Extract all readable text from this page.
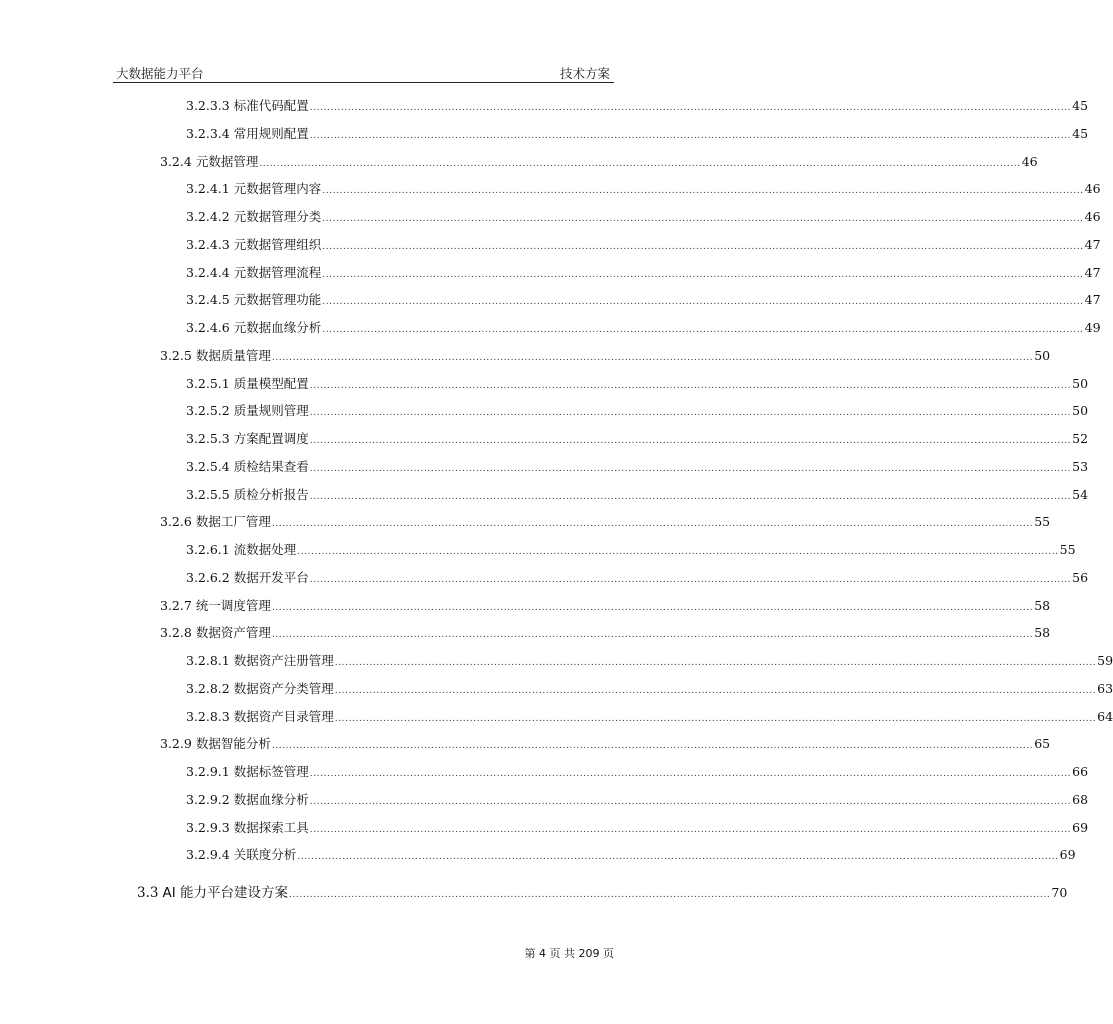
大数据能力平台	技术方案
3.2.3.3 标准代码配置 ............................................................................................................................................................................................................................ 45
3.2.3.4 常用规则配置 ............................................................................................................................................................................................................................ 45
3.2.4 元数据管理 ............................................................................................................................................................................................................................ 46
3.2.4.1 元数据管理内容 ............................................................................................................................................................................................................................ 46
3.2.4.2 元数据管理分类 ............................................................................................................................................................................................................................ 46
3.2.4.3 元数据管理组织 ............................................................................................................................................................................................................................ 47
3.2.4.4 元数据管理流程 ............................................................................................................................................................................................................................ 47
3.2.4.5 元数据管理功能 ............................................................................................................................................................................................................................ 47
3.2.4.6 元数据血缘分析 ............................................................................................................................................................................................................................ 49
3.2.5 数据质量管理 ............................................................................................................................................................................................................................ 50
3.2.5.1 质量模型配置 ............................................................................................................................................................................................................................ 50
3.2.5.2 质量规则管理 ............................................................................................................................................................................................................................ 50
3.2.5.3 方案配置调度 ............................................................................................................................................................................................................................ 52
3.2.5.4 质检结果查看 ............................................................................................................................................................................................................................ 53
3.2.5.5 质检分析报告 ............................................................................................................................................................................................................................ 54
3.2.6 数据工厂管理 ............................................................................................................................................................................................................................ 55
3.2.6.1 流数据处理 ............................................................................................................................................................................................................................ 55
3.2.6.2 数据开发平台 ............................................................................................................................................................................................................................ 56
3.2.7 统一调度管理 ............................................................................................................................................................................................................................ 58
3.2.8 数据资产管理 ............................................................................................................................................................................................................................ 58
3.2.8.1 数据资产注册管理 ............................................................................................................................................................................................................................ 59
3.2.8.2 数据资产分类管理 ............................................................................................................................................................................................................................ 63
3.2.8.3 数据资产目录管理 ............................................................................................................................................................................................................................ 64
3.2.9 数据智能分析 ............................................................................................................................................................................................................................ 65
3.2.9.1 数据标签管理 ............................................................................................................................................................................................................................ 66
3.2.9.2 数据血缘分析 ............................................................................................................................................................................................................................ 68
3.2.9.3 数据探索工具 ............................................................................................................................................................................................................................ 69
3.2.9.4 关联度分析 ............................................................................................................................................................................................................................ 69
3.3 AI 能力平台建设方案 ............................................................................................................................................................................................................................ 70
第 4 页 共 209 页
